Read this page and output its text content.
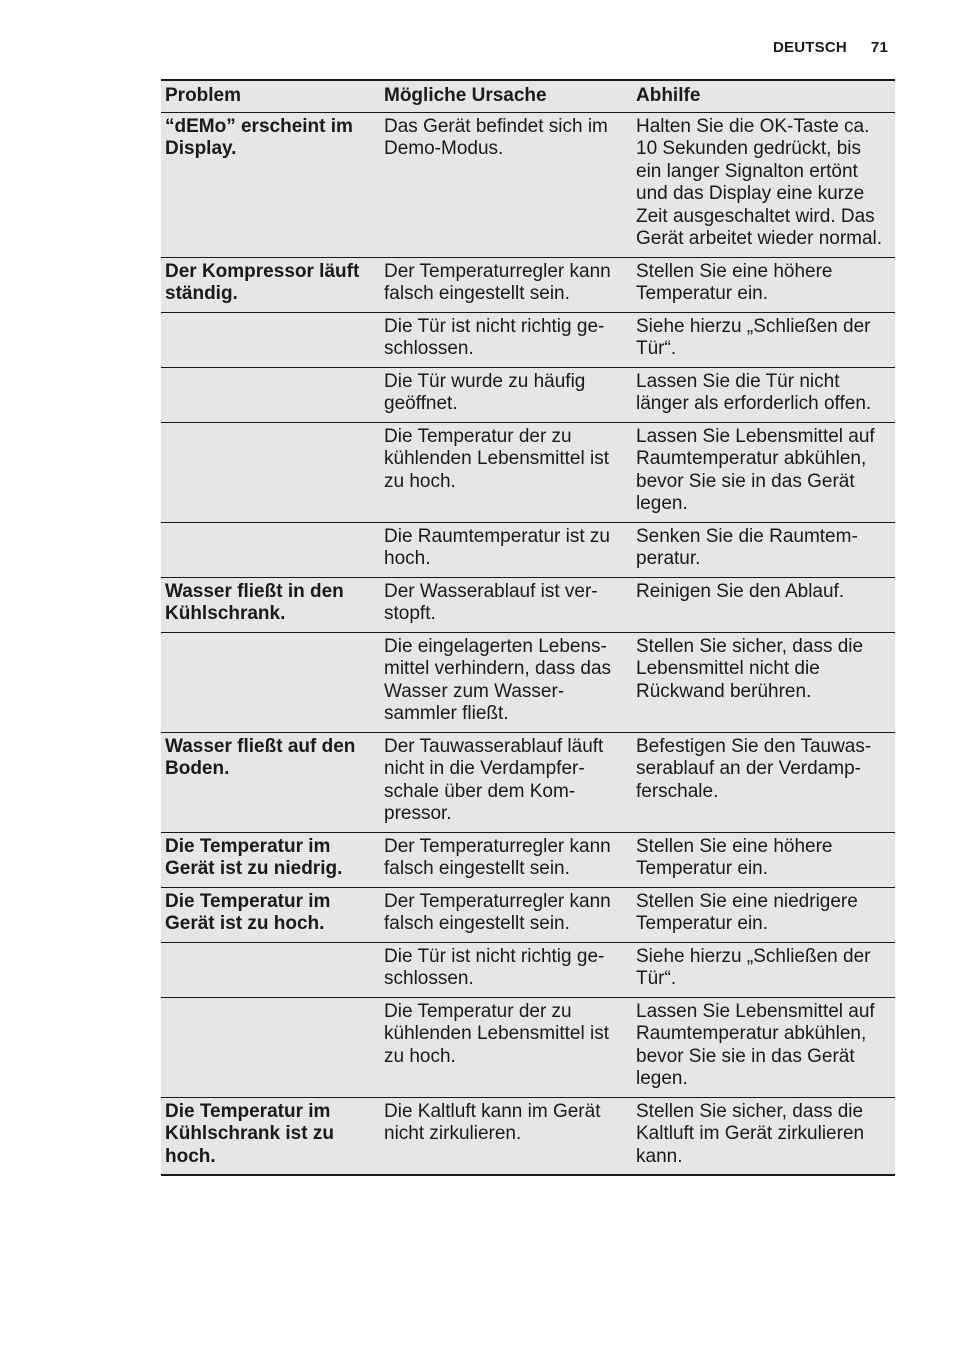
DEUTSCH 71
Problem	Mögliche Ursache	Abhilfe
“dEMo” erscheint im Display.	Das Gerät befindet sich im Demo-Modus.	Halten Sie die OK-Taste ca. 10 Sekunden gedrückt, bis ein langer Signalton ertönt und das Display eine kurze Zeit ausgeschaltet wird. Das Gerät arbeitet wieder normal.
Der Kompressor läuft ständig.	Der Temperaturregler kann falsch eingestellt sein.	Stellen Sie eine höhere Temperatur ein.
	Die Tür ist nicht richtig ge-schlossen.	Siehe hierzu „Schließen der Tür“.
	Die Tür wurde zu häufig geöffnet.	Lassen Sie die Tür nicht länger als erforderlich offen.
	Die Temperatur der zu kühlenden Lebensmittel ist zu hoch.	Lassen Sie Lebensmittel auf Raumtemperatur abkühlen, bevor Sie sie in das Gerät legen.
	Die Raumtemperatur ist zu hoch.	Senken Sie die Raumtem-peratur.
Wasser fließt in den Kühlschrank.	Der Wasserablauf ist ver-stopft.	Reinigen Sie den Ablauf.
	Die eingelagerten Lebens-mittel verhindern, dass das Wasser zum Wasser-sammler fließt.	Stellen Sie sicher, dass die Lebensmittel nicht die Rückwand berühren.
Wasser fließt auf den Boden.	Der Tauwasserablauf läuft nicht in die Verdampfer-schale über dem Kom-pressor.	Befestigen Sie den Tauwas-serablauf an der Verdamp-ferschale.
Die Temperatur im Gerät ist zu niedrig.	Der Temperaturregler kann falsch eingestellt sein.	Stellen Sie eine höhere Temperatur ein.
Die Temperatur im Gerät ist zu hoch.	Der Temperaturregler kann falsch eingestellt sein.	Stellen Sie eine niedrigere Temperatur ein.
	Die Tür ist nicht richtig ge-schlossen.	Siehe hierzu „Schließen der Tür“.
	Die Temperatur der zu kühlenden Lebensmittel ist zu hoch.	Lassen Sie Lebensmittel auf Raumtemperatur abkühlen, bevor Sie sie in das Gerät legen.
Die Temperatur im Kühlschrank ist zu hoch.	Die Kaltluft kann im Gerät nicht zirkulieren.	Stellen Sie sicher, dass die Kaltluft im Gerät zirkulieren kann.
